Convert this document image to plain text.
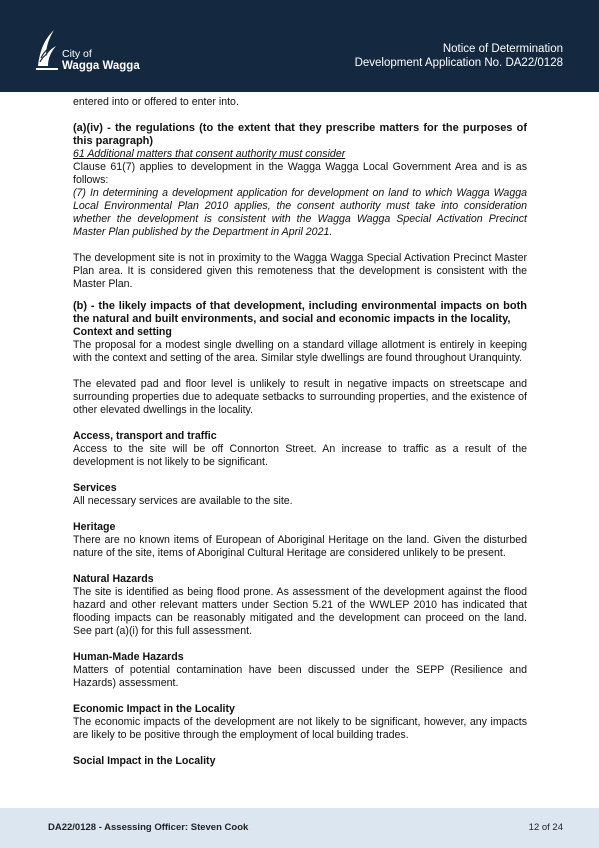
City of
Wagga Wagga
Notice of Determination
Development Application No. DA22/0128

entered into or offered to enter into.

(a)(iv) - the regulations (to the extent that they prescribe matters for the purposes of this paragraph)

61 Additional matters that consent authority must consider

Clause 61(7) applies to development in the Wagga Wagga Local Government Area and is as follows:

(7) In determining a development application for development on land to which Wagga Wagga Local Environmental Plan 2010 applies, the consent authority must take into consideration whether the development is consistent with the Wagga Wagga Special Activation Precinct Master Plan published by the Department in April 2021.

The development site is not in proximity to the Wagga Wagga Special Activation Precinct Master Plan area. It is considered given this remoteness that the development is consistent with the Master Plan.

(b) - the likely impacts of that development, including environmental impacts on both the natural and built environments, and social and economic impacts in the locality,

Context and setting

The proposal for a modest single dwelling on a standard village allotment is entirely in keeping with the context and setting of the area. Similar style dwellings are found throughout Uranquinty.

The elevated pad and floor level is unlikely to result in negative impacts on streetscape and surrounding properties due to adequate setbacks to surrounding properties, and the existence of other elevated dwellings in the locality.

Access, transport and traffic

Access to the site will be off Connorton Street. An increase to traffic as a result of the development is not likely to be significant.

Services

All necessary services are available to the site.

Heritage

There are no known items of European of Aboriginal Heritage on the land. Given the disturbed nature of the site, items of Aboriginal Cultural Heritage are considered unlikely to be present.

Natural Hazards

The site is identified as being flood prone. As assessment of the development against the flood hazard and other relevant matters under Section 5.21 of the WWLEP 2010 has indicated that flooding impacts can be reasonably mitigated and the development can proceed on the land. See part (a)(i) for this full assessment.

Human-Made Hazards

Matters of potential contamination have been discussed under the SEPP (Resilience and Hazards) assessment.

Economic Impact in the Locality

The economic impacts of the development are not likely to be significant, however, any impacts are likely to be positive through the employment of local building trades.

Social Impact in the Locality

DA22/0128 - Assessing Officer: Steven Cook	12 of 24
